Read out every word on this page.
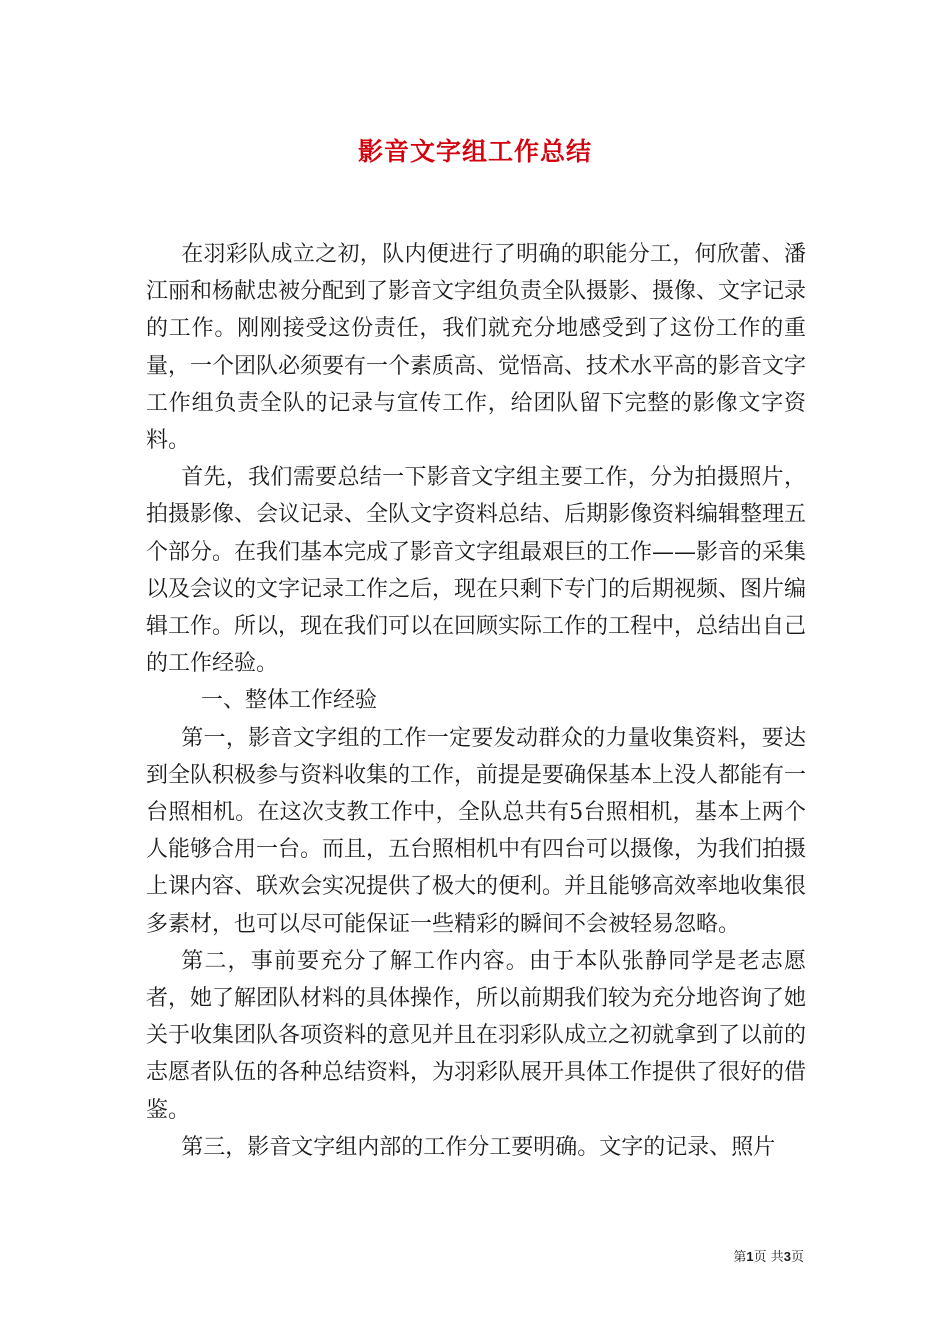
影音文字组工作总结

在羽彩队成立之初，队内便进行了明确的职能分工，何欣蕾、潘江丽和杨献忠被分配到了影音文字组负责全队摄影、摄像、文字记录的工作。刚刚接受这份责任，我们就充分地感受到了这份工作的重量，一个团队必须要有一个素质高、觉悟高、技术水平高的影音文字工作组负责全队的记录与宣传工作，给团队留下完整的影像文字资料。

首先，我们需要总结一下影音文字组主要工作，分为拍摄照片，拍摄影像、会议记录、全队文字资料总结、后期影像资料编辑整理五个部分。在我们基本完成了影音文字组最艰巨的工作——影音的采集以及会议的文字记录工作之后，现在只剩下专门的后期视频、图片编辑工作。所以，现在我们可以在回顾实际工作的工程中，总结出自己的工作经验。

一、整体工作经验

第一，影音文字组的工作一定要发动群众的力量收集资料，要达到全队积极参与资料收集的工作，前提是要确保基本上没人都能有一台照相机。在这次支教工作中，全队总共有5台照相机，基本上两个人能够合用一台。而且，五台照相机中有四台可以摄像，为我们拍摄上课内容、联欢会实况提供了极大的便利。并且能够高效率地收集很多素材，也可以尽可能保证一些精彩的瞬间不会被轻易忽略。

第二，事前要充分了解工作内容。由于本队张静同学是老志愿者，她了解团队材料的具体操作，所以前期我们较为充分地咨询了她关于收集团队各项资料的意见并且在羽彩队成立之初就拿到了以前的志愿者队伍的各种总结资料，为羽彩队展开具体工作提供了很好的借鉴。

第三，影音文字组内部的工作分工要明确。文字的记录、照片

第1页 共3页
